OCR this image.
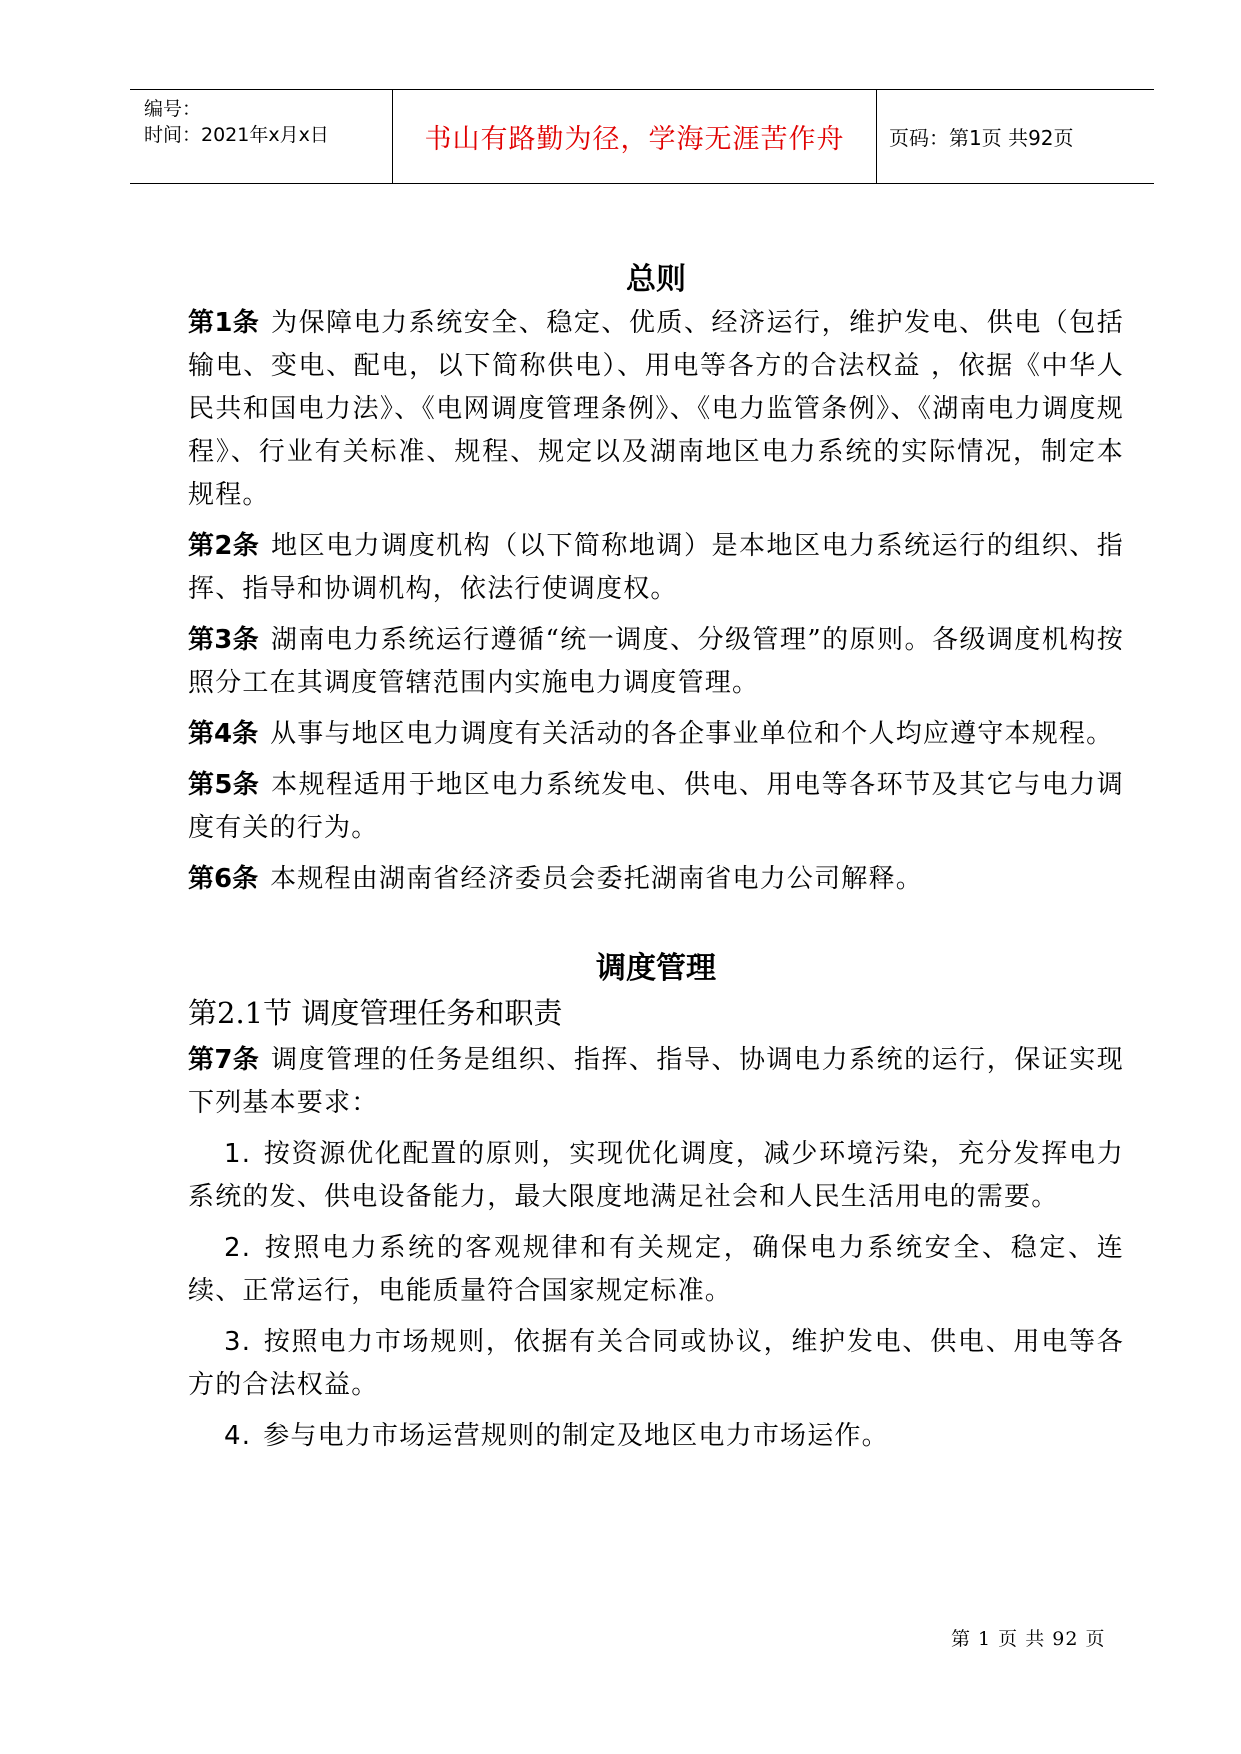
编号：
时间：2021年x月x日	书山有路勤为径，学海无涯苦作舟 页码：第1页 共92页
总则

第1条 为保障电力系统安全、稳定、优质、经济运行，维护发电、供电（包括输电、变电、配电，以下简称供电）、用电等各方的合法权益 ，依据《中华人民共和国电力法》、《电网调度管理条例》、《电力监管条例》、《湖南电力调度规程》、行业有关标准、规程、规定以及湖南地区电力系统的实际情况，制定本规程。

第2条 地区电力调度机构（以下简称地调）是本地区电力系统运行的组织、指挥、指导和协调机构，依法行使调度权。

第3条 湖南电力系统运行遵循“统一调度、分级管理”的原则。各级调度机构按照分工在其调度管辖范围内实施电力调度管理。

第4条 从事与地区电力调度有关活动的各企事业单位和个人均应遵守本规程。

第5条 本规程适用于地区电力系统发电、供电、用电等各环节及其它与电力调度有关的行为。

第6条 本规程由湖南省经济委员会委托湖南省电力公司解释。

调度管理

第2.1节 调度管理任务和职责

第7条 调度管理的任务是组织、指挥、指导、协调电力系统的运行，保证实现下列基本要求：

1. 按资源优化配置的原则，实现优化调度，减少环境污染，充分发挥电力系统的发、供电设备能力，最大限度地满足社会和人民生活用电的需要。

2. 按照电力系统的客观规律和有关规定，确保电力系统安全、稳定、连续、正常运行，电能质量符合国家规定标准。

3. 按照电力市场规则，依据有关合同或协议，维护发电、供电、用电等各方的合法权益。

4. 参与电力市场运营规则的制定及地区电力市场运作。

第 1 页 共 92 页
